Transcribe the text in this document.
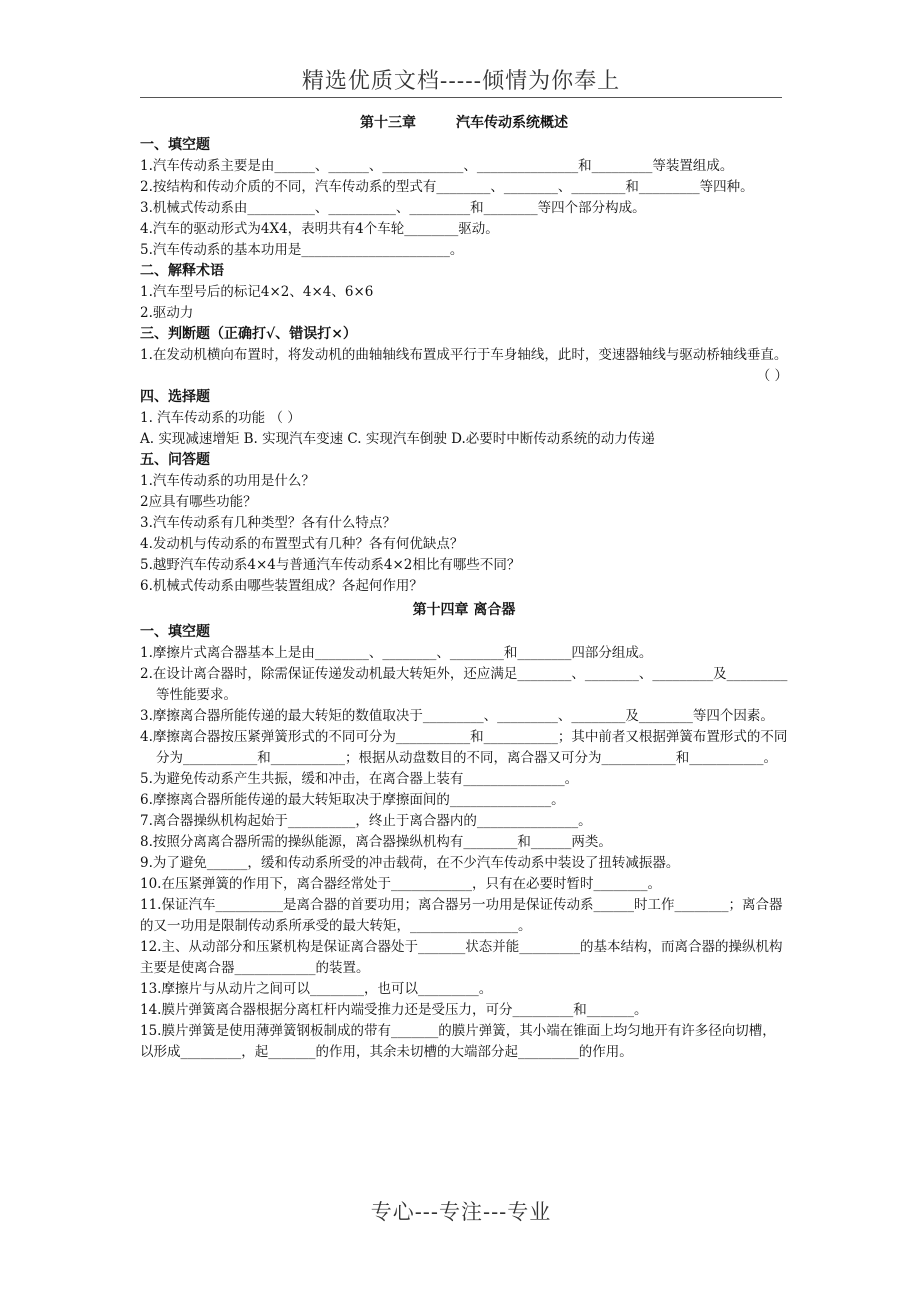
精选优质文档-----倾情为你奉上
第十三章	汽车传动系统概述
一、填空题
1.汽车传动系主要是由______、______、____________、_______________和_________等装置组成。
2.按结构和传动介质的不同，汽车传动系的型式有________、________、________和_________等四种。
3.机械式传动系由__________、__________、_________和________等四个部分构成。
4.汽车的驱动形式为4X4，表明共有4个车轮________驱动。
5.汽车传动系的基本功用是______________________。
二、解释术语
1.汽车型号后的标记4×2、4×4、6×6
2.驱动力
三、判断题（正确打√、错误打×）
1.在发动机横向布置时，将发动机的曲轴轴线布置成平行于车身轴线，此时，变速器轴线与驱动桥轴线垂直。
（ ）
四、选择题
1. 汽车传动系的功能 （ ）
A. 实现减速增矩 B. 实现汽车变速 C. 实现汽车倒驶 D.必要时中断传动系统的动力传递
五、问答题
1.汽车传动系的功用是什么？
2应具有哪些功能？
3.汽车传动系有几种类型？各有什么特点？
4.发动机与传动系的布置型式有几种？各有何优缺点？
5.越野汽车传动系4×4与普通汽车传动系4×2相比有哪些不同？
6.机械式传动系由哪些装置组成？各起何作用？
第十四章 离合器
一、填空题
1.摩擦片式离合器基本上是由________、________、________和________四部分组成。
2.在设计离合器时，除需保证传递发动机最大转矩外，还应满足________、________、_________及_________等性能要求。
3.摩擦离合器所能传递的最大转矩的数值取决于_________、_________、________及________等四个因素。
4.摩擦离合器按压紧弹簧形式的不同可分为___________和___________；其中前者又根据弹簧布置形式的不同分为___________和___________；根据从动盘数目的不同，离合器又可分为___________和___________。
5.为避免传动系产生共振，缓和冲击，在离合器上装有_______________。
6.摩擦离合器所能传递的最大转矩取决于摩擦面间的_______________。
7.离合器操纵机构起始于__________，终止于离合器内的_______________。
8.按照分离离合器所需的操纵能源，离合器操纵机构有________和______两类。
9.为了避免______，缓和传动系所受的冲击载荷，在不少汽车传动系中装设了扭转减振器。
10.在压紧弹簧的作用下，离合器经常处于____________，只有在必要时暂时________。
11.保证汽车__________是离合器的首要功用；离合器另一功用是保证传动系______时工作________；离合器的又一功用是限制传动系所承受的最大转矩，________________。
12.主、从动部分和压紧机构是保证离合器处于_______状态并能_________的基本结构，而离合器的操纵机构主要是使离合器____________的装置。
13.摩擦片与从动片之间可以________，也可以_________。
14.膜片弹簧离合器根据分离杠杆内端受推力还是受压力，可分_________和_______。
15.膜片弹簧是使用薄弹簧钢板制成的带有_______的膜片弹簧，其小端在锥面上均匀地开有许多径向切槽，以形成_________，起_______的作用，其余未切槽的大端部分起_________的作用。
专心---专注---专业
